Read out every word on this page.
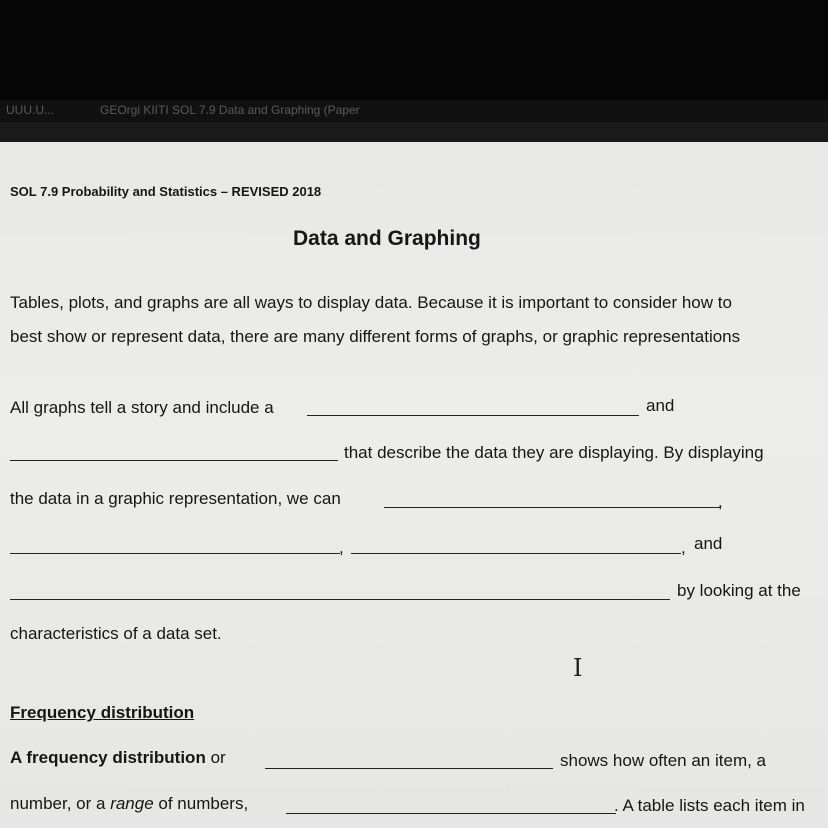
UUU.U...	GEOrgi KIITI SOL 7.9 Data and Graphing (Paper
SOL 7.9 Probability and Statistics – REVISED 2018
Data and Graphing
Tables, plots, and graphs are all ways to display data. Because it is important to consider how to
best show or represent data, there are many different forms of graphs, or graphic representations
All graphs tell a story and include a	and
that describe the data they are displaying. By displaying
the data in a graphic representation, we can	,
,	, and
by looking at the
characteristics of a data set.
I
Frequency distribution
A frequency distribution or	shows how often an item, a
number, or a range of numbers,	. A table lists each item in
